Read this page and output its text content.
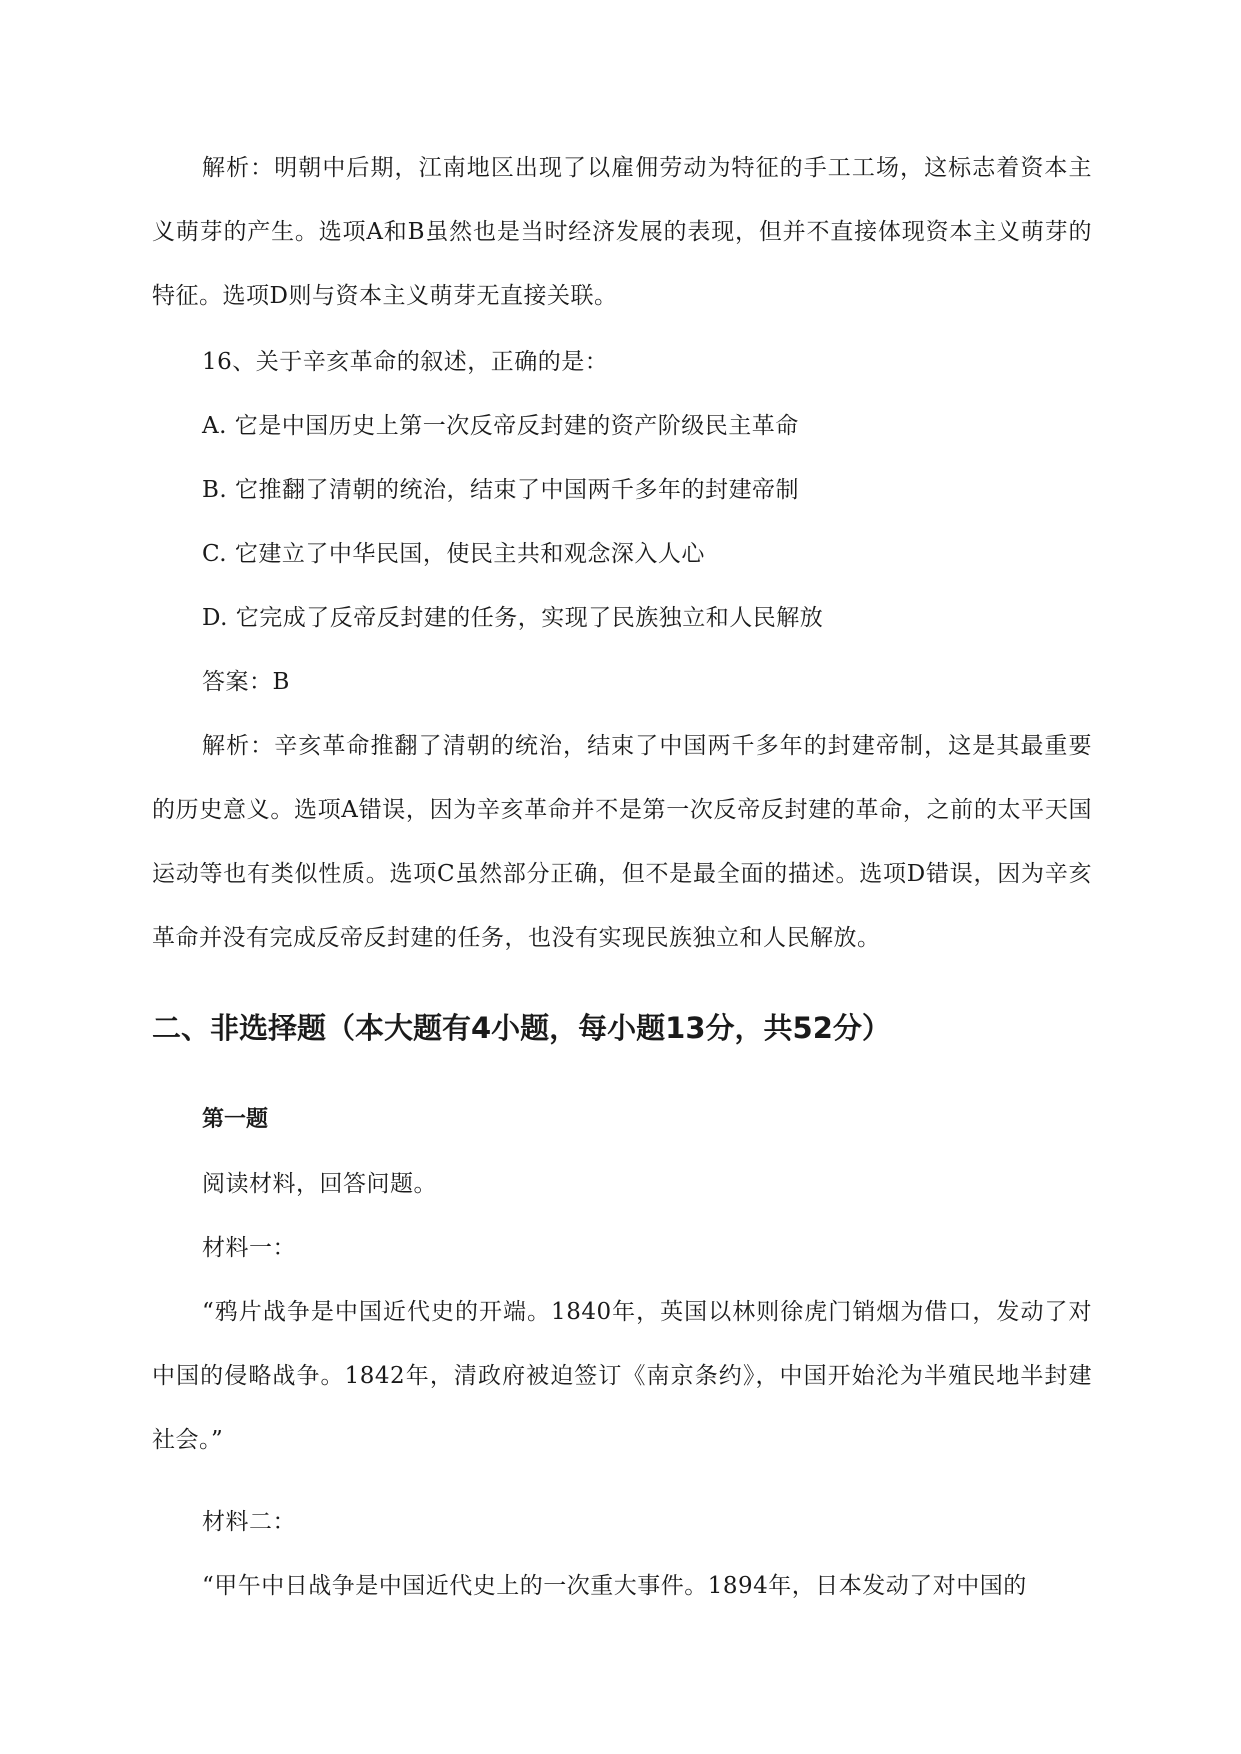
解析：明朝中后期，江南地区出现了以雇佣劳动为特征的手工工场，这标志着资本主义萌芽的产生。选项A和B虽然也是当时经济发展的表现，但并不直接体现资本主义萌芽的特征。选项D则与资本主义萌芽无直接关联。

16、关于辛亥革命的叙述，正确的是：

A. 它是中国历史上第一次反帝反封建的资产阶级民主革命

B. 它推翻了清朝的统治，结束了中国两千多年的封建帝制

C. 它建立了中华民国，使民主共和观念深入人心

D. 它完成了反帝反封建的任务，实现了民族独立和人民解放

答案：B

解析：辛亥革命推翻了清朝的统治，结束了中国两千多年的封建帝制，这是其最重要的历史意义。选项A错误，因为辛亥革命并不是第一次反帝反封建的革命，之前的太平天国运动等也有类似性质。选项C虽然部分正确，但不是最全面的描述。选项D错误，因为辛亥革命并没有完成反帝反封建的任务，也没有实现民族独立和人民解放。

二、非选择题（本大题有4小题，每小题13分，共52分）

第一题

阅读材料，回答问题。

材料一：

“鸦片战争是中国近代史的开端。1840年，英国以林则徐虎门销烟为借口，发动了对中国的侵略战争。1842年，清政府被迫签订《南京条约》，中国开始沦为半殖民地半封建社会。”

材料二：

“甲午中日战争是中国近代史上的一次重大事件。1894年，日本发动了对中国的
